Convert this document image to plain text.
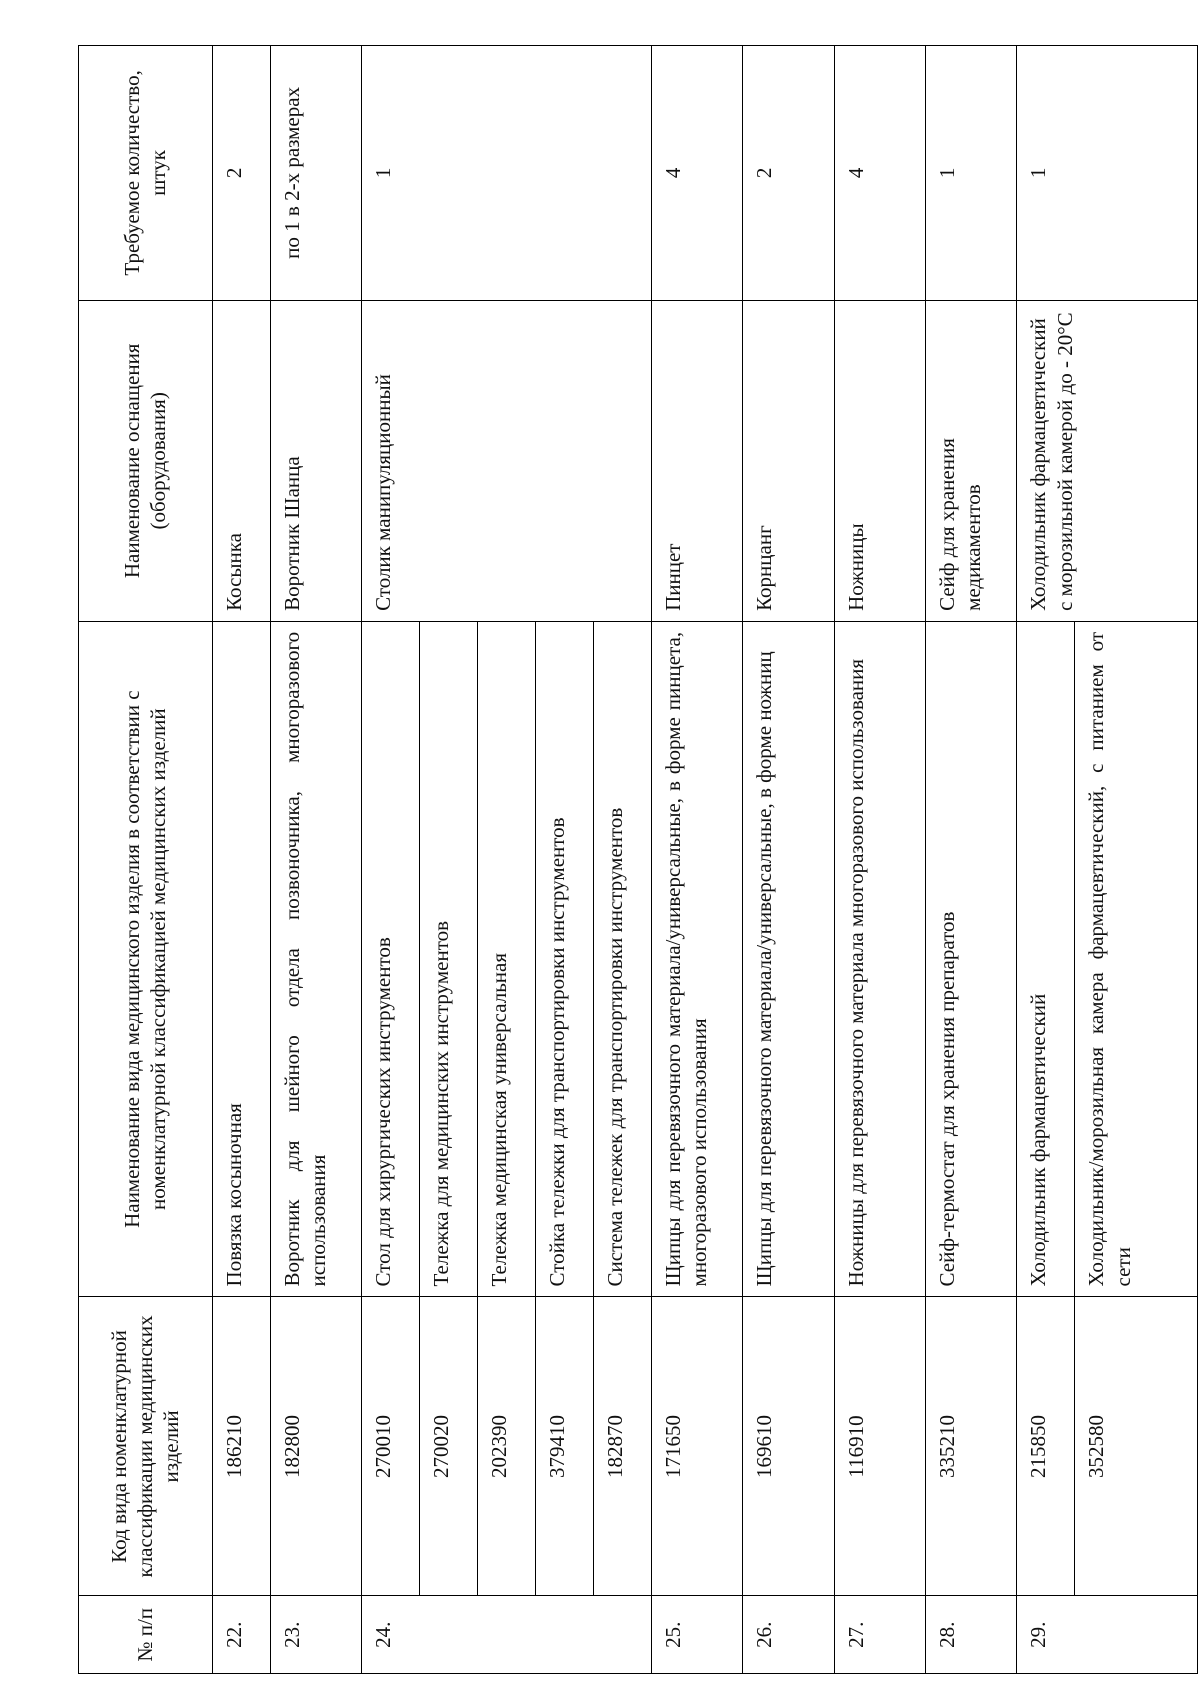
№ п/п	Код вида номенклатурной классификации медицинских изделий	Наименование вида медицинского изделия в соответствии с номенклатурной классификацией медицинских изделий	Наименование оснащения (оборудования)	Требуемое количество, штук
22.	186210	Повязка косыночная	Косынка	2
23.	182800	Воротник для шейного отдела позвоночника, многоразового использования	Воротник Шанца	по 1 в 2-х размерах
24.	270010	Стол для хирургических инструментов	Столик манипуляционный	1
	270020	Тележка для медицинских инструментов		
	202390	Тележка медицинская универсальная		
	379410	Стойка тележки для транспортировки инструментов		
	182870	Система тележек для транспортировки инструментов		
25.	171650	Щипцы для перевязочного материала/универсальные, в форме пинцета, многоразового использования	Пинцет	4
26.	169610	Щипцы для перевязочного материала/универсальные, в форме ножниц	Корнцанг	2
27.	116910	Ножницы для перевязочного материала многоразового использования	Ножницы	4
28.	335210	Сейф-термостат для хранения препаратов	Сейф для хранения медикаментов	1
29.	215850	Холодильник фармацевтический	Холодильник фармацевтический с морозильной камерой до - 20°С	1
	352580	Холодильник/морозильная камера фармацевтический, с питанием от сети		
